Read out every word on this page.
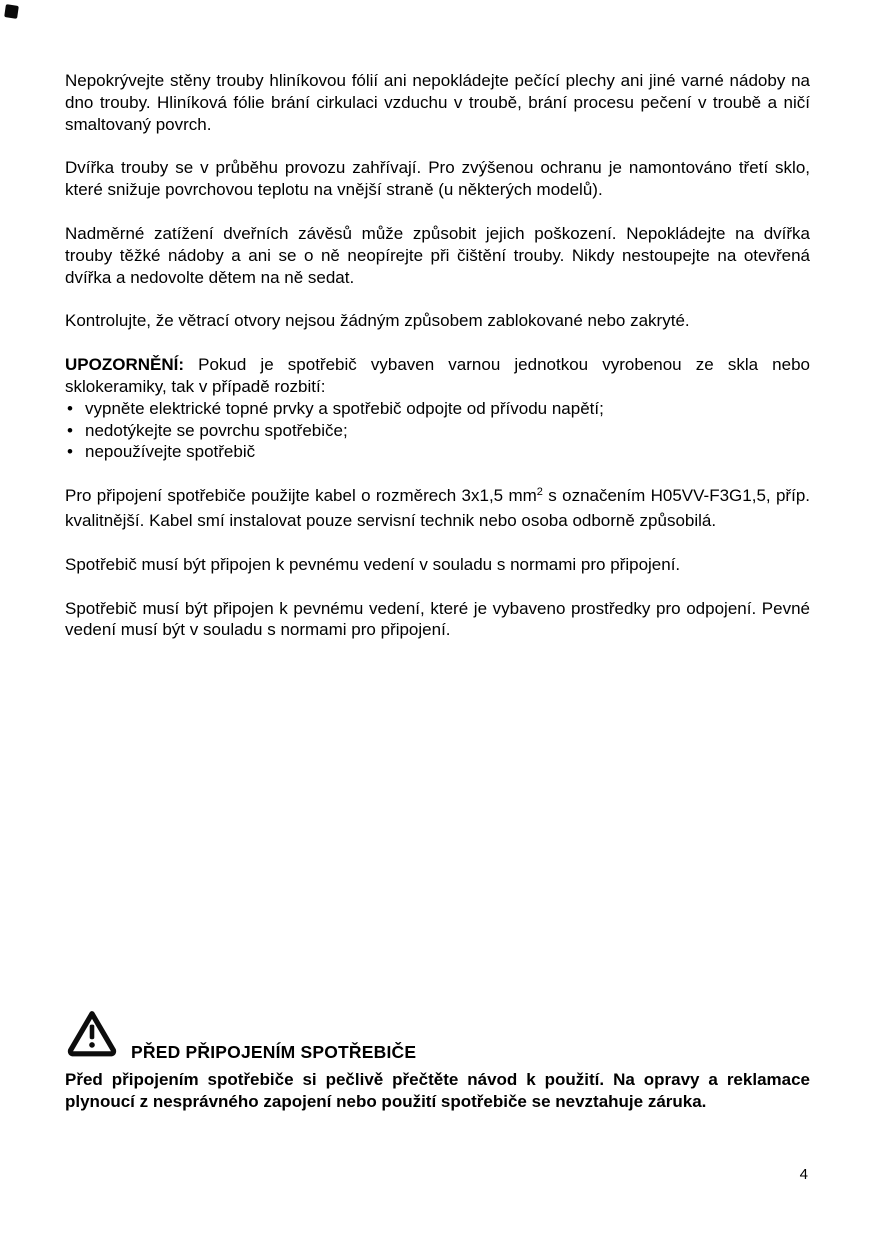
Nepokrývejte stěny trouby hliníkovou fólií ani nepokládejte pečící plechy ani jiné varné nádoby na dno trouby. Hliníková fólie brání cirkulaci vzduchu v troubě, brání procesu pečení v troubě a ničí smaltovaný povrch.

Dvířka trouby se v průběhu provozu zahřívají. Pro zvýšenou ochranu je namontováno třetí sklo, které snižuje povrchovou teplotu na vnější straně (u některých modelů).

Nadměrné zatížení dveřních závěsů může způsobit jejich poškození. Nepokládejte na dvířka trouby těžké nádoby a ani se o ně neopírejte při čištění trouby. Nikdy nestoupejte na otevřená dvířka a nedovolte dětem na ně sedat.

Kontrolujte, že větrací otvory nejsou žádným způsobem zablokované nebo zakryté.

UPOZORNĚNÍ: Pokud je spotřebič vybaven varnou jednotkou vyrobenou ze skla nebo sklokeramiky, tak v případě rozbití:

• vypněte elektrické topné prvky a spotřebič odpojte od přívodu napětí;
• nedotýkejte se povrchu spotřebiče;
• nepoužívejte spotřebič

Pro připojení spotřebiče použijte kabel o rozměrech 3x1,5 $mm^2$ s označením H05VV-F3G1,5, příp. kvalitnější. Kabel smí instalovat pouze servisní technik nebo osoba odborně způsobilá.

Spotřebič musí být připojen k pevnému vedení v souladu s normami pro připojení.

Spotřebič musí být připojen k pevnému vedení, které je vybaveno prostředky pro odpojení. Pevné vedení musí být v souladu s normami pro připojení.

PŘED PŘIPOJENÍM SPOTŘEBIČE

Před připojením spotřebiče si pečlivě přečtěte návod k použití. Na opravy a reklamace plynoucí z nesprávného zapojení nebo použití spotřebiče se nevztahuje záruka.

4
